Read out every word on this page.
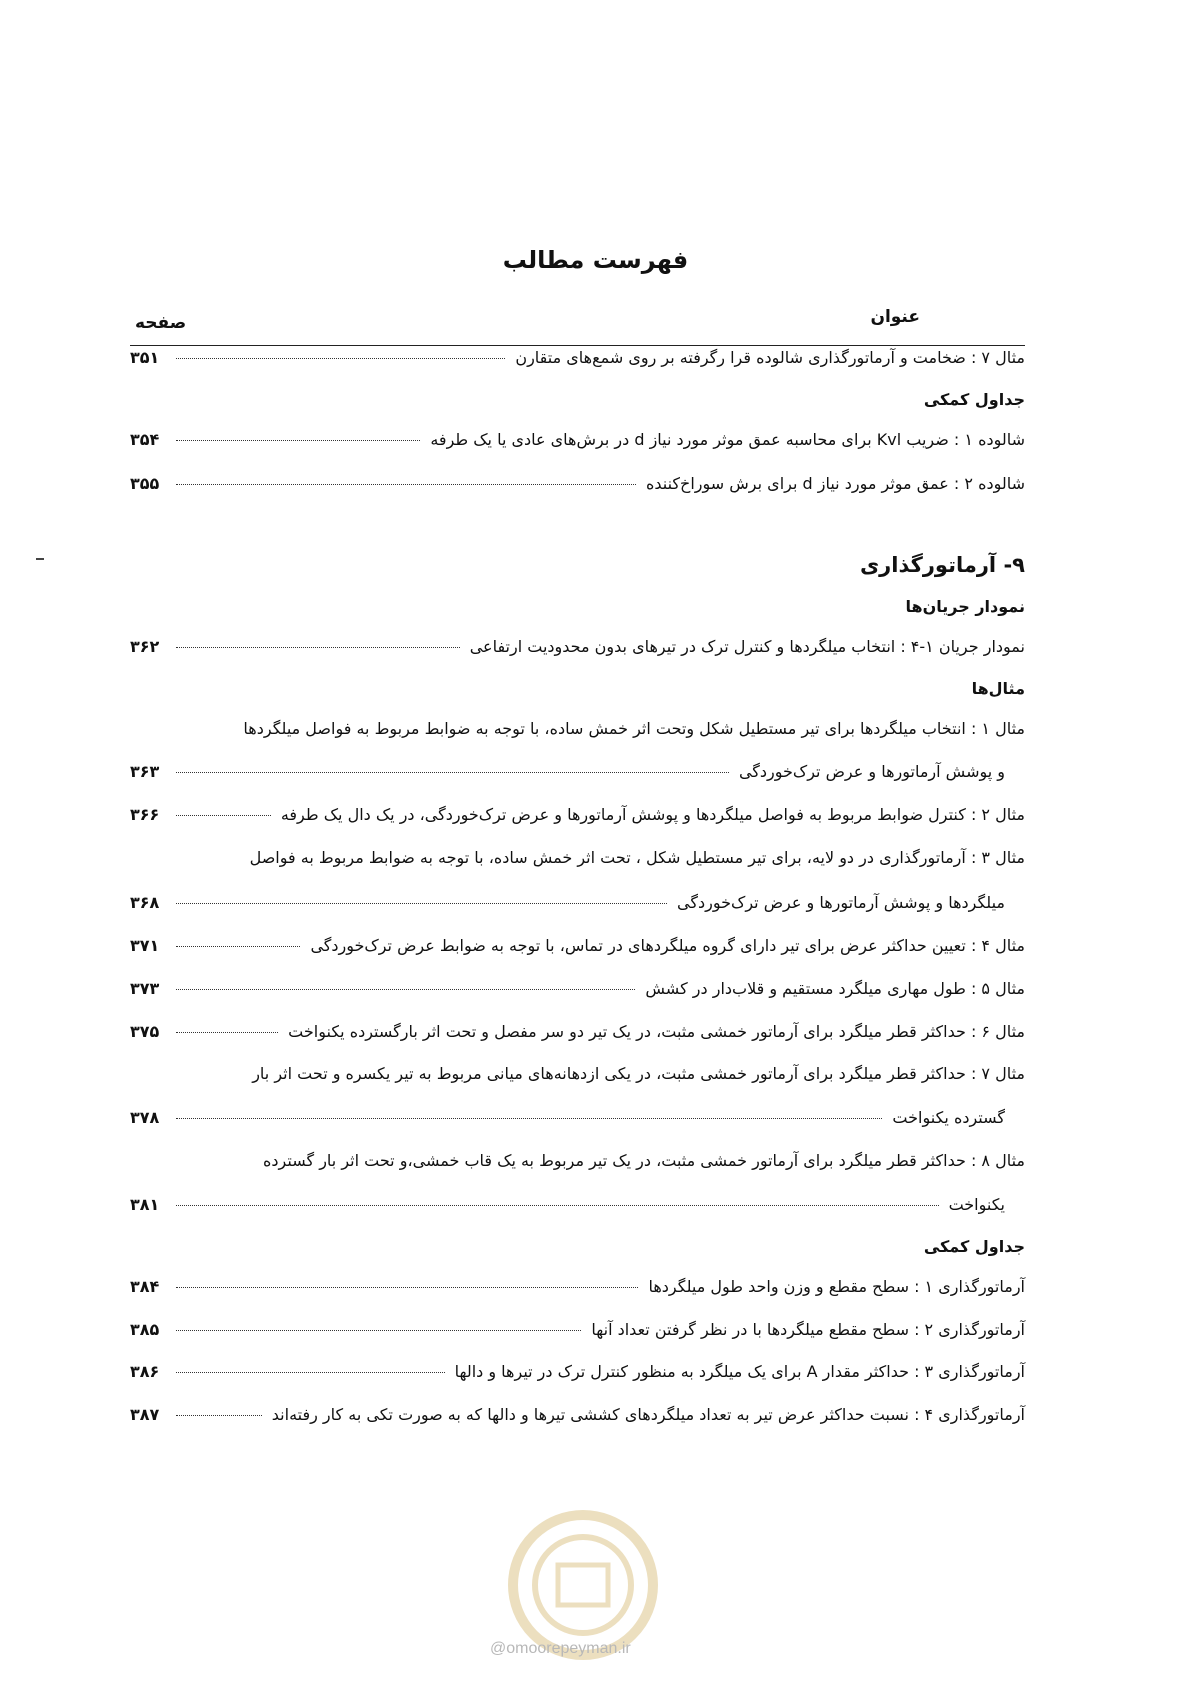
فهرست مطالب
عنوان
صفحه
مثال ۷ : ضخامت و آرماتورگذاری شالوده قرا رگرفته بر روی شمع‌های متقارن
۳۵۱
جداول کمکی
شالوده ۱ : ضریب Kvl برای محاسبه عمق موثر مورد نیاز d در برش‌های عادی یا یک طرفه
۳۵۴
شالوده ۲ : عمق موثر مورد نیاز d برای برش سوراخ‌کننده
۳۵۵
۹- آرماتورگذاری
نمودار جریان‌ها
نمودار جریان ۱-۴ : انتخاب میلگردها و کنترل ترک در تیرهای بدون محدودیت ارتفاعی
۳۶۲
مثال‌ها
مثال ۱ : انتخاب میلگردها برای تیر مستطیل شکل وتحت اثر خمش ساده، با توجه به ضوابط مربوط به فواصل میلگردها
و پوشش آرماتورها و عرض ترک‌خوردگی
۳۶۳
مثال ۲ : کنترل ضوابط مربوط به فواصل میلگردها و پوشش آرماتورها و عرض ترک‌خوردگی، در یک دال یک طرفه
۳۶۶
مثال ۳ : آرماتورگذاری در دو لایه، برای تیر مستطیل شکل ، تحت اثر خمش ساده، با توجه به ضوابط مربوط به فواصل
میلگردها و پوشش آرماتورها و عرض ترک‌خوردگی
۳۶۸
مثال ۴ : تعیین حداکثر عرض برای تیر دارای گروه میلگردهای در تماس، با توجه به ضوابط عرض ترک‌خوردگی
۳۷۱
مثال ۵ : طول مهاری میلگرد مستقیم و قلاب‌دار در کشش
۳۷۳
مثال ۶ : حداکثر قطر میلگرد برای آرماتور خمشی مثبت، در یک تیر دو سر مفصل و تحت اثر بارگسترده یکنواخت
۳۷۵
مثال ۷ : حداکثر قطر میلگرد برای آرماتور خمشی مثبت، در یکی ازدهانه‌های میانی مربوط به تیر یکسره و تحت اثر بار
گسترده یکنواخت
۳۷۸
مثال ۸ : حداکثر قطر میلگرد برای آرماتور خمشی مثبت، در یک تیر مربوط به یک قاب خمشی،و تحت اثر بار گسترده
یکنواخت
۳۸۱
جداول کمکی
آرماتورگذاری ۱ : سطح مقطع و وزن واحد طول میلگردها
۳۸۴
آرماتورگذاری ۲ : سطح مقطع میلگردها با در نظر گرفتن تعداد آنها
۳۸۵
آرماتورگذاری ۳ : حداکثر مقدار A برای یک میلگرد به منظور کنترل ترک در تیرها و دالها
۳۸۶
آرماتورگذاری ۴ : نسبت حداکثر عرض تیر به تعداد میلگردهای کششی تیرها و دالها که به صورت تکی به کار رفته‌اند
۳۸۷
@omoorepeyman.ir
